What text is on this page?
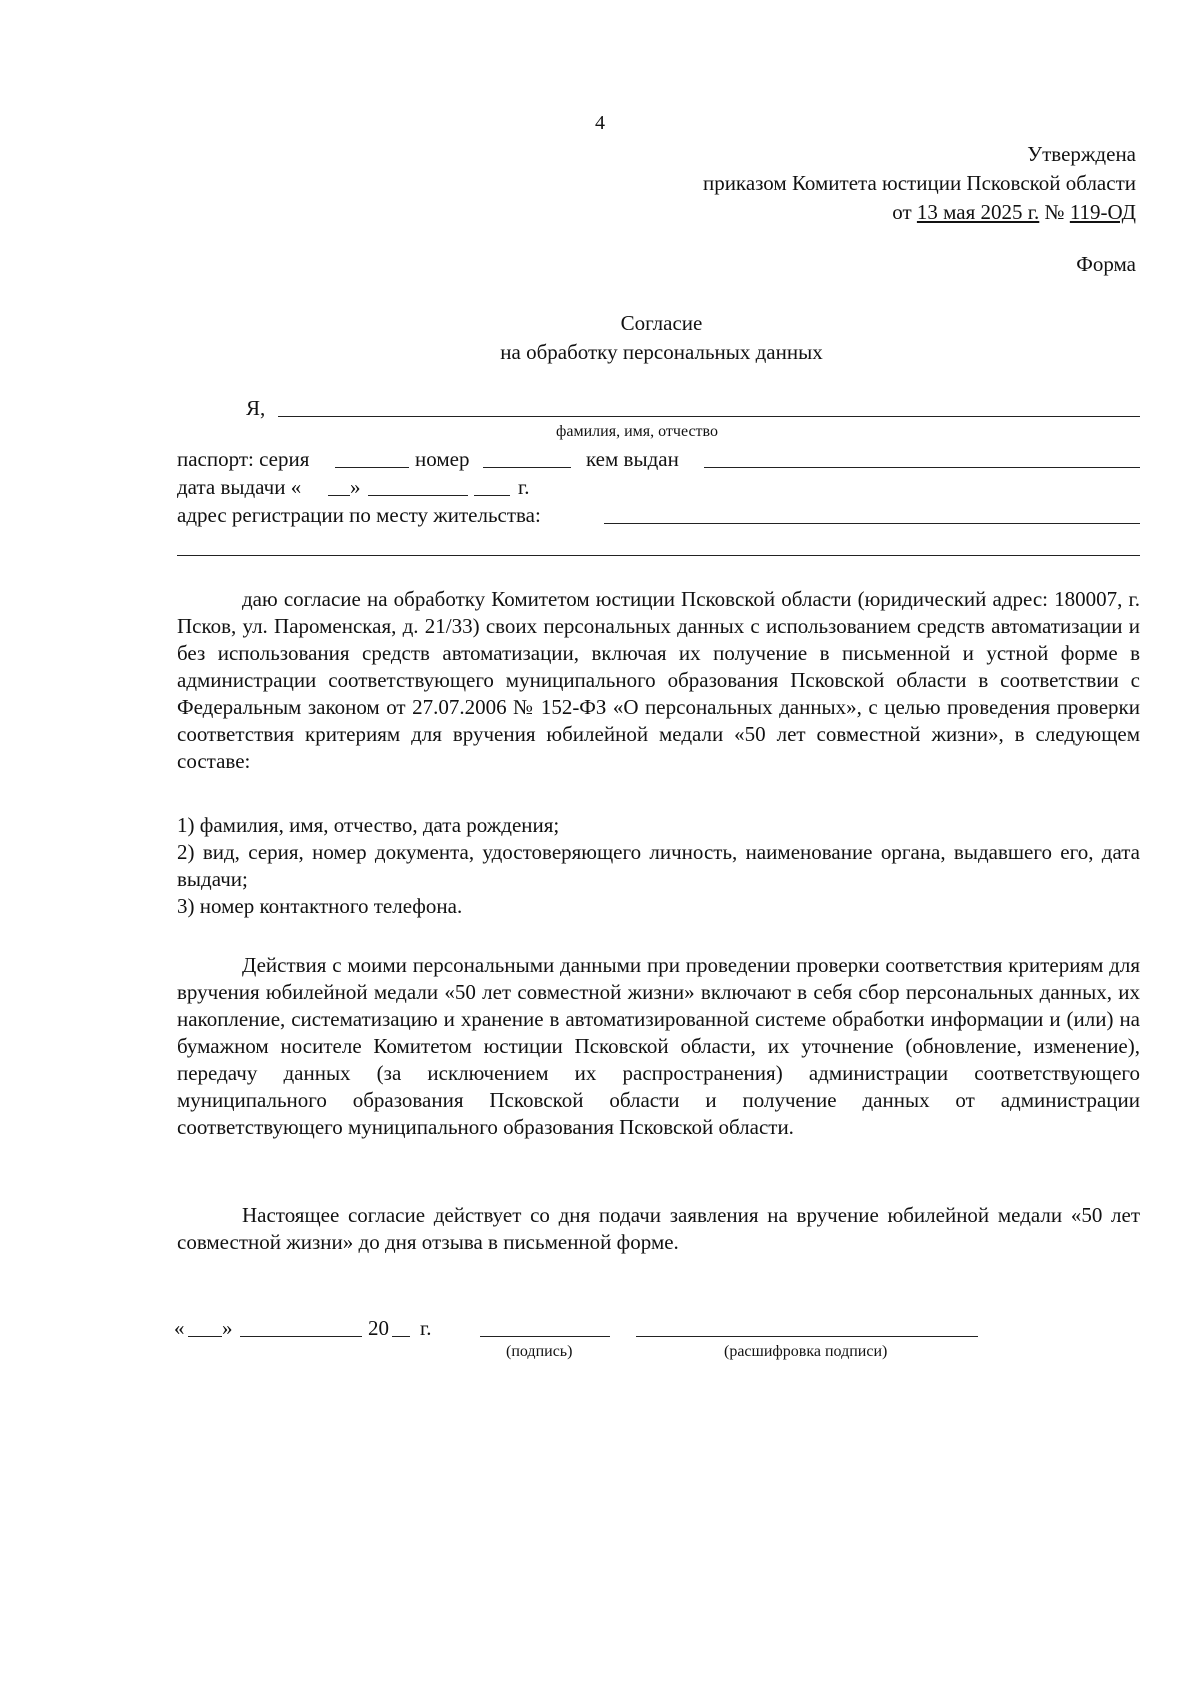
4
Утверждена
приказом Комитета юстиции Псковской области
от 13 мая 2025 г. № 119-ОД
Форма
Согласие
на обработку персональных данных
Я,
фамилия, имя, отчество
паспорт: серия	номер	кем выдан
дата выдачи « »	г.
адрес регистрации по месту жительства:
даю согласие на обработку Комитетом юстиции Псковской области (юридический адрес: 180007, г. Псков, ул. Пароменская, д. 21/33) своих персональных данных с использованием средств автоматизации и без использования средств автоматизации, включая их получение в письменной и устной форме в администрации соответствующего муниципального образования Псковской области в соответствии с Федеральным законом от 27.07.2006 № 152-ФЗ «О персональных данных», с целью проведения проверки соответствия критериям для вручения юбилейной медали «50 лет совместной жизни», в следующем составе:
1) фамилия, имя, отчество, дата рождения;
2) вид, серия, номер документа, удостоверяющего личность, наименование органа, выдавшего его, дата выдачи;
3) номер контактного телефона.
Действия с моими персональными данными при проведении проверки соответствия критериям для вручения юбилейной медали «50 лет совместной жизни» включают в себя сбор персональных данных, их накопление, систематизацию и хранение в автоматизированной системе обработки информации и (или) на бумажном носителе Комитетом юстиции Псковской области, их уточнение (обновление, изменение), передачу данных (за исключением их распространения) администрации соответствующего муниципального образования Псковской области и получение данных от администрации соответствующего муниципального образования Псковской области.
Настоящее согласие действует со дня подачи заявления на вручение юбилейной медали «50 лет совместной жизни» до дня отзыва в письменной форме.
« »	20 г.
(подпись)	(расшифровка подписи)
